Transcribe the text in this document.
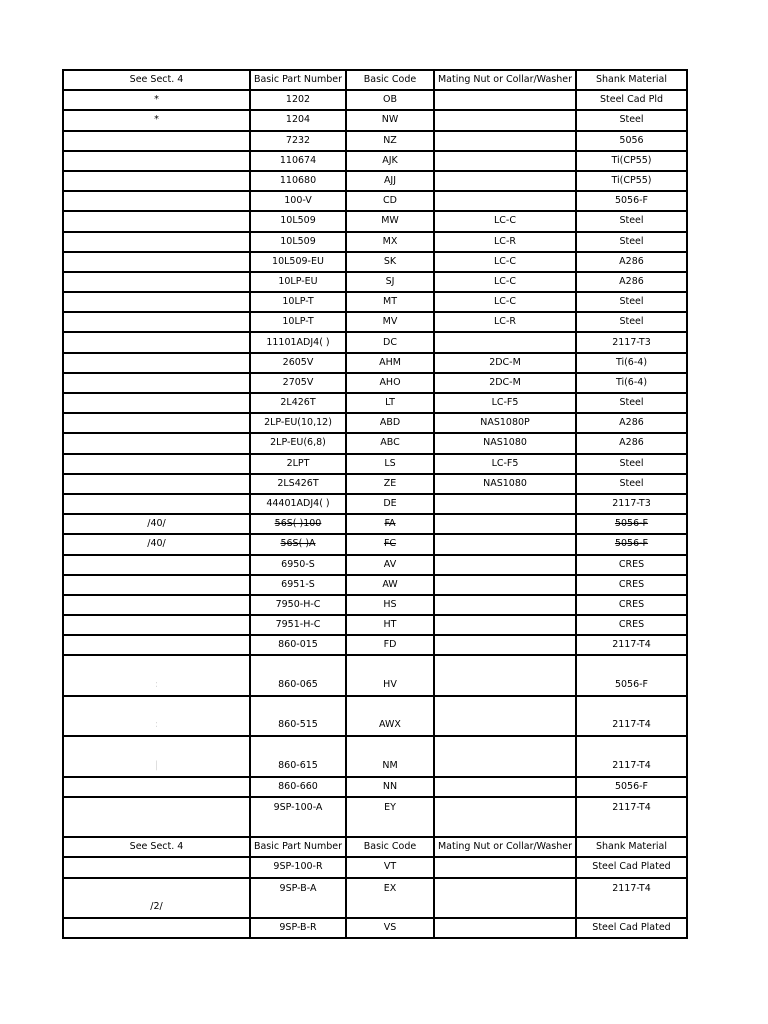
See Sect. 4	Basic Part Number	Basic Code	Mating Nut or Collar/Washer	Shank Material
*	1202	OB		Steel Cad Pld
*	1204	NW		Steel
	7232	NZ		5056
	110674	AJK		Ti(CP55)
	110680	AJJ		Ti(CP55)
	100-V	CD		5056-F
	10L509	MW	LC-C	Steel
	10L509	MX	LC-R	Steel
	10L509-EU	SK	LC-C	A286
	10LP-EU	SJ	LC-C	A286
	10LP-T	MT	LC-C	Steel
	10LP-T	MV	LC-R	Steel
	11101ADJ4( )	DC		2117-T3
	2605V	AHM	2DC-M	Ti(6-4)
	2705V	AHO	2DC-M	Ti(6-4)
	2L426T	LT	LC-F5	Steel
	2LP-EU(10,12)	ABD	NAS1080P	A286
	2LP-EU(6,8)	ABC	NAS1080	A286
	2LPT	LS	LC-F5	Steel
	2LS426T	ZE	NAS1080	Steel
	44401ADJ4( )	DE		2117-T3
/40/	56S( )100	FA		5056-F
/40/	56S( )A	FC		5056-F
	6950-S	AV		CRES
	6951-S	AW		CRES
	7950-H-C	HS		CRES
	7951-H-C	HT		CRES
	860-015	FD		2117-T4
:	860-065	HV		5056-F
:	860-515	AWX		2117-T4
|	860-615	NM		2117-T4
	860-660	NN		5056-F
	9SP-100-A	EY		2117-T4
See Sect. 4	Basic Part Number	Basic Code	Mating Nut or Collar/Washer	Shank Material
	9SP-100-R	VT		Steel Cad Plated
/2/	9SP-B-A	EX		2117-T4
	9SP-B-R	VS		Steel Cad Plated
